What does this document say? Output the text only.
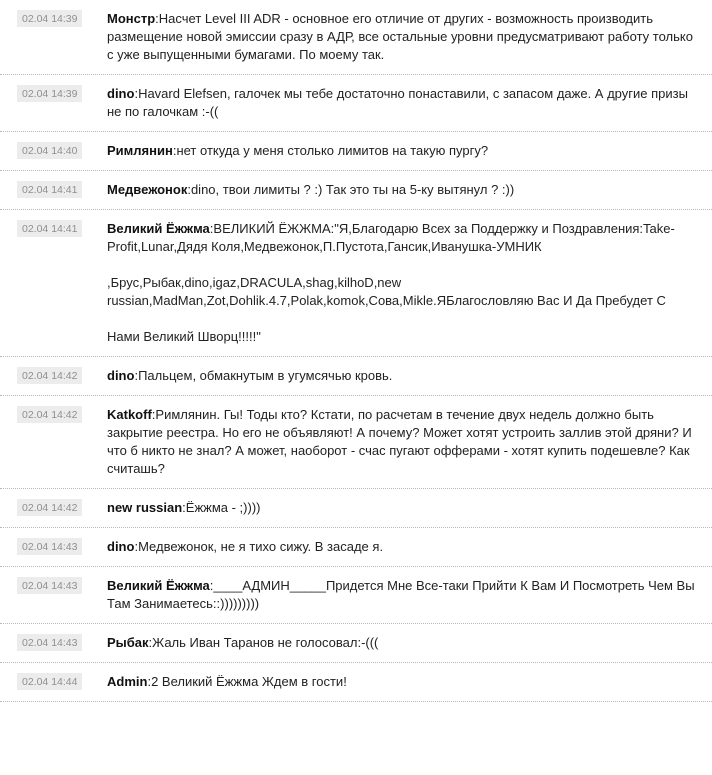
02.04 14:39	Монстр:Насчет Level III ADR - основное его отличие от других - возможность производить размещение новой эмиссии сразу в АДР, все остальные уровни предусматривают работу только с уже выпущенными бумагами. По моему так.
02.04 14:39	dino:Havard Elefsen, галочек мы тебе достаточно понаставили, с запасом даже. А другие призы не по галочкам :-((
02.04 14:40	Римлянин:нет откуда у меня столько лимитов на такую пургу?
02.04 14:41	Медвежонок:dino, твои лимиты ? :) Так это ты на 5-ку вытянул ? :))
02.04 14:41	Великий Ёжжма:ВЕЛИКИЙ ЁЖЖМА:"Я,Благодарю Всех за Поддержку и Поздравления:Take-Profit,Lunar,Дядя Коля,Медвежонок,П.Пустота,Гансик,Иванушка-УМНИК

,Брус,Рыбак,dino,igaz,DRACULA,shag,kilhoD,new russian,MadMan,Zot,Dohlik.4.7,Polak,komok,Сова,Mikle.ЯБлагословляю Вас И Да Пребудет С

Нами Великий Шворц!!!!!"
02.04 14:42	dino:Пальцем, обмакнутым в угумсячью кровь.
02.04 14:42	Katkoff:Римлянин. Гы! Тоды кто? Кстати, по расчетам в течение двух недель должно быть закрытие реестра. Но его не объявляют! А почему? Может хотят устроить заллив этой дряни? И что б никто не знал? А может, наоборот - счас пугают офферами - хотят купить подешевле? Как считашь?
02.04 14:42	new russian:Ёжжма - ;))))
02.04 14:43	dino:Медвежонок, не я тихо сижу. В засаде я.
02.04 14:43	Великий Ёжжма:____АДМИН_____Придется Мне Все-таки Прийти К Вам И Посмотреть Чем Вы Там Занимаетесь::)))))))))
02.04 14:43	Рыбак:Жаль Иван Таранов не голосовал:-(((
02.04 14:44	Admin:2 Великий Ёжжма Ждем в гости!
